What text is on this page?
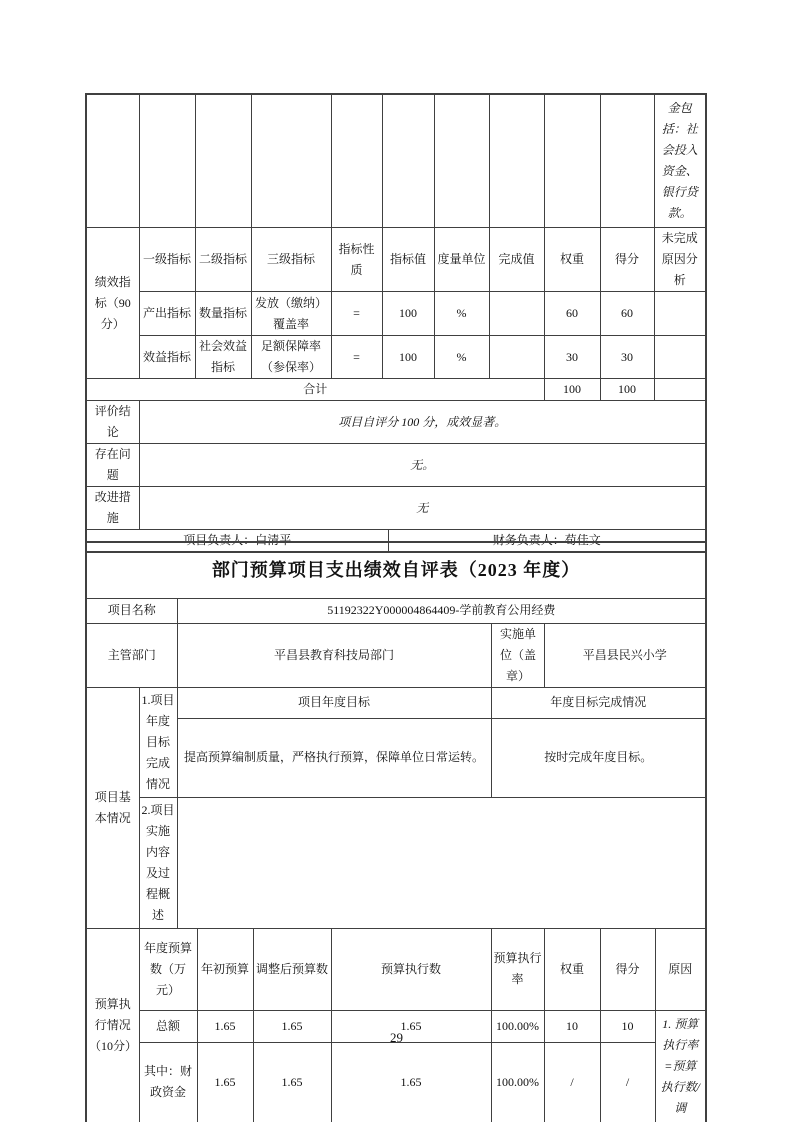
											金包括：社会投入资金、银行贷款。
绩效指标（90分）	一级指标	二级指标	三级指标	指标性质	指标值		度量单位	完成值	权重	得分	未完成原因分析
	产出指标	数量指标	发放（缴纳）覆盖率	=	100		%		60	60	
	效益指标	社会效益指标	足额保障率（参保率）	=	100		%		30	30	
合计									100	100	
评价结论	项目自评分 100 分，成效显著。										
存在问题	无。										
改进措施	无										
项目负责人：白清平						财务负责人：荀佳文					
部门预算项目支出绩效自评表（2023 年度）									
项目名称		51192322Y000004864409-学前教育公用经费							
主管部门		平昌县教育科技局部门				实施单位（盖章）	平昌县民兴小学		
项目基本情况	1.项目年度目标完成情况	项目年度目标				年度目标完成情况			
		提高预算编制质量，严格执行预算，保障单位日常运转。				按时完成年度目标。			
	2.项目实施内容及过程概述								
预算执行情况（10分）	年度预算数（万元）		年初预算	调整后预算数	预算执行数	预算执行率	权重	得分	原因
	总额		1.65	1.65	1.65	100.00%	10	10	1. 预算执行率=预算执行数/调
	其中：财政资金		1.65	1.65	1.65	100.00%	/	/	
29
